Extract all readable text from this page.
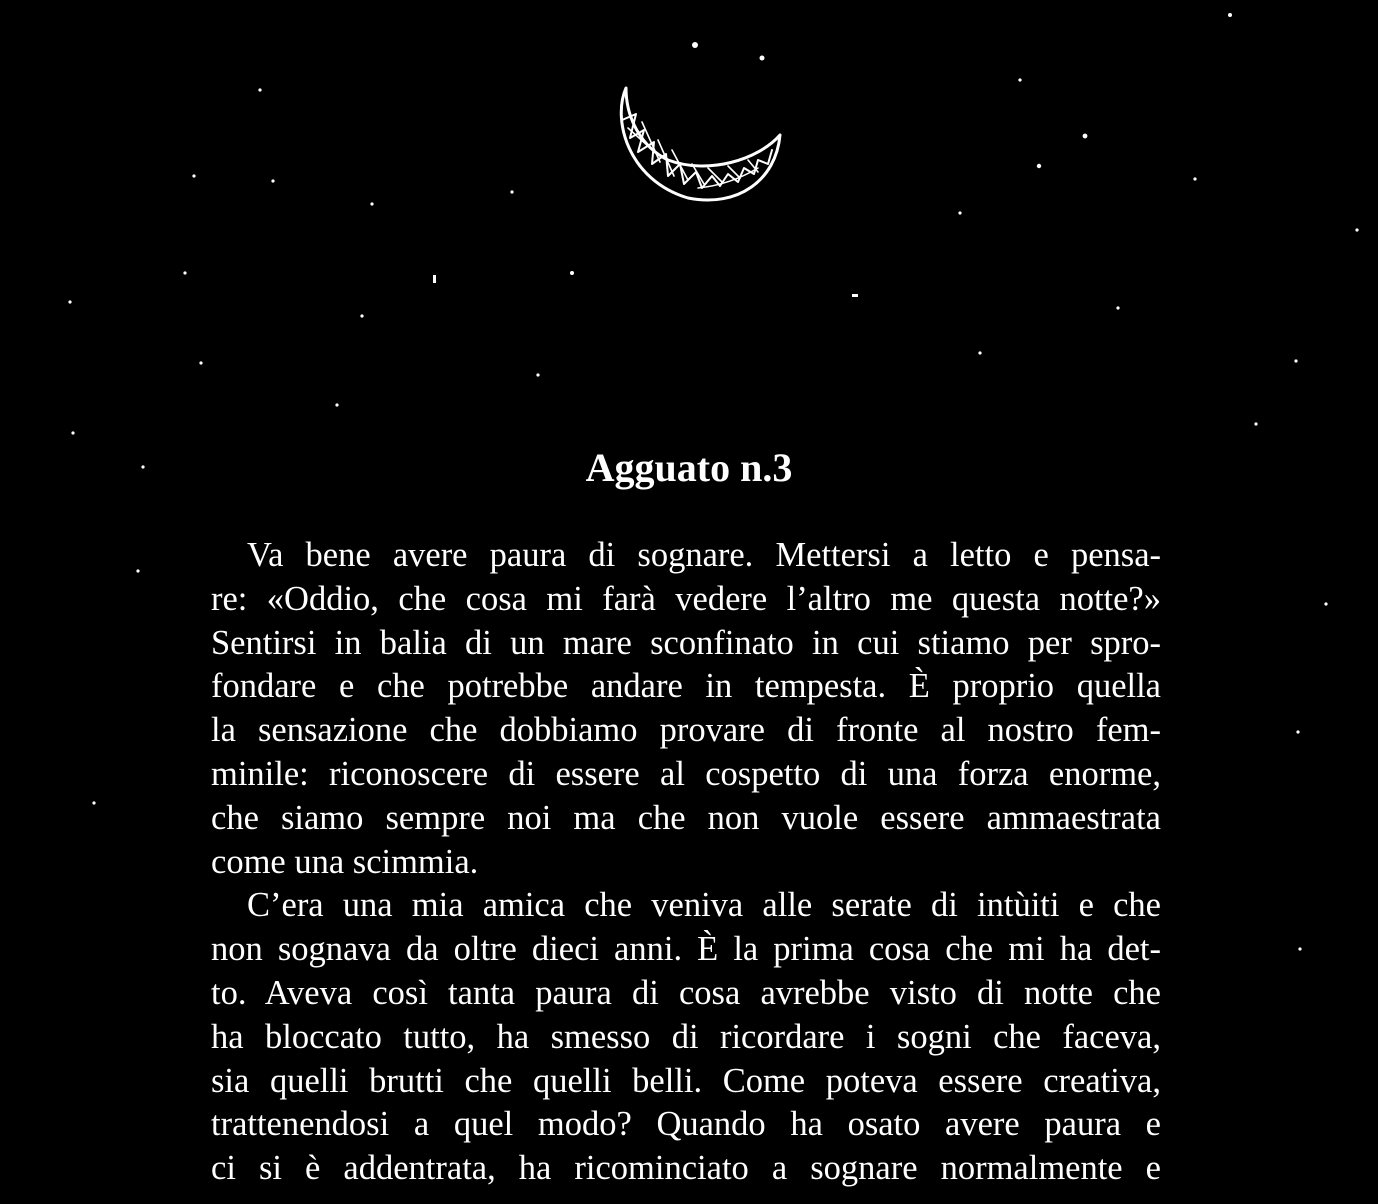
Agguato n.3

Va bene avere paura di sognare. Mettersi a letto e pensa-
re: «Oddio, che cosa mi farà vedere l’altro me questa notte?»
Sentirsi in balia di un mare sconfinato in cui stiamo per spro-
fondare e che potrebbe andare in tempesta. È proprio quella
la sensazione che dobbiamo provare di fronte al nostro fem-
minile: riconoscere di essere al cospetto di una forza enorme,
che siamo sempre noi ma che non vuole essere ammaestrata
come una scimmia.

C’era una mia amica che veniva alle serate di intùiti e che
non sognava da oltre dieci anni. È la prima cosa che mi ha det-
to. Aveva così tanta paura di cosa avrebbe visto di notte che
ha bloccato tutto, ha smesso di ricordare i sogni che faceva,
sia quelli brutti che quelli belli. Come poteva essere creativa,
trattenendosi a quel modo? Quando ha osato avere paura e
ci si è addentrata, ha ricominciato a sognare normalmente e
